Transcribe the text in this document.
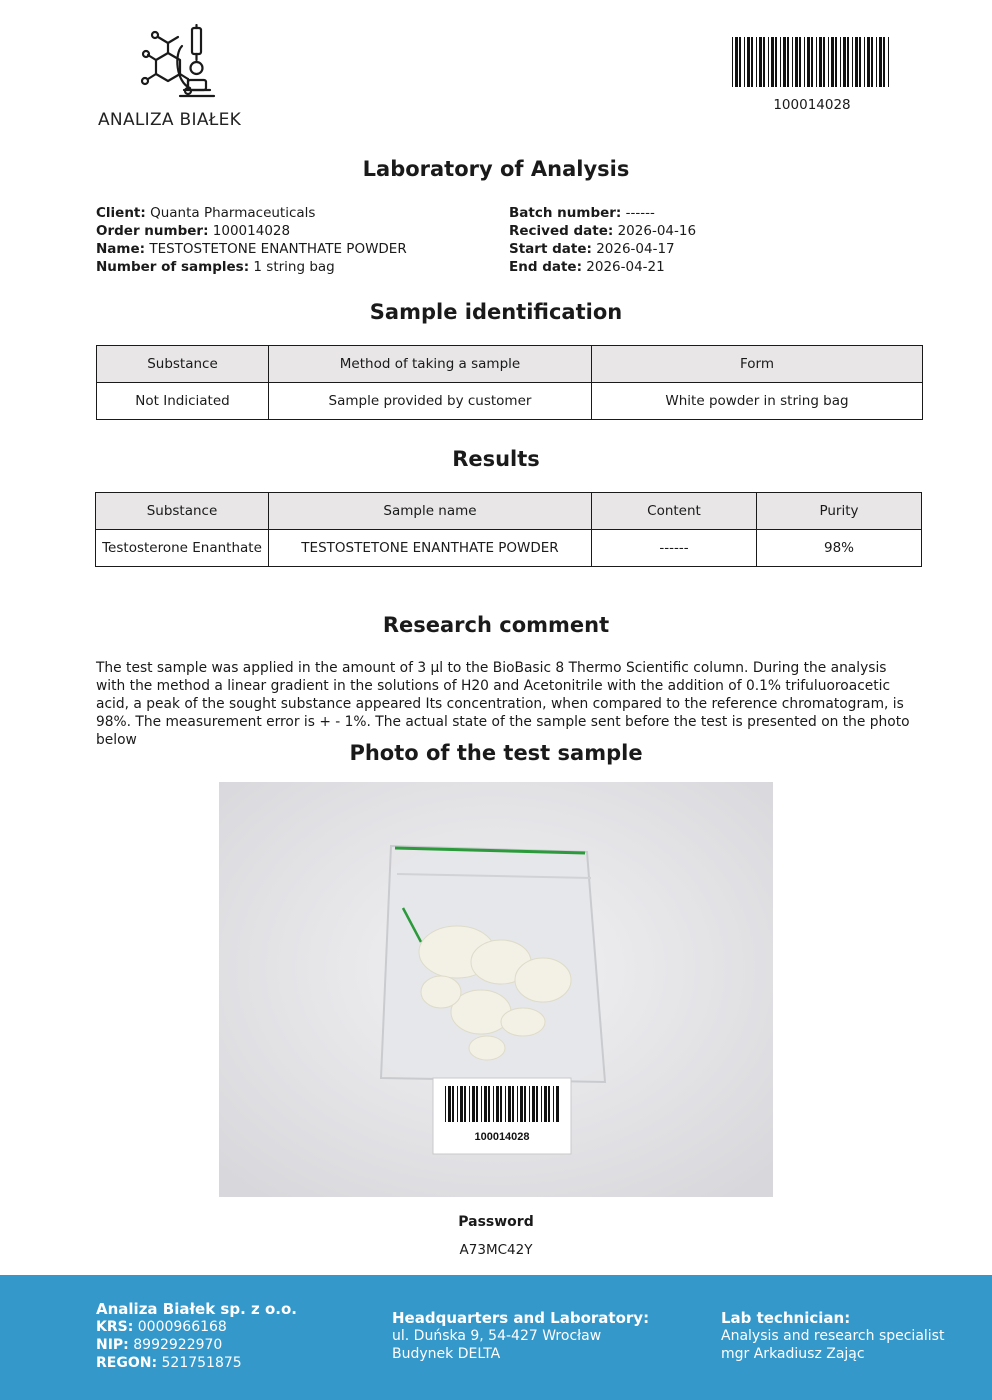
ANALIZA BIAŁEK
100014028
Laboratory of Analysis
Client: Quanta Pharmaceuticals
Order number: 100014028
Name: TESTOSTETONE ENANTHATE POWDER
Number of samples: 1 string bag
Batch number: ------
Recived date: 2026-04-16
Start date: 2026-04-17
End date: 2026-04-21
Sample identification
Substance	Method of taking a sample	Form
Not Indiciated	Sample provided by customer	White powder in string bag
Results
Substance	Sample name	Content	Purity
Testosterone Enanthate	TESTOSTETONE ENANTHATE POWDER	------	98%
Research comment
The test sample was applied in the amount of 3 µl to the BioBasic 8 Thermo Scientific column. During the analysis with the method a linear gradient in the solutions of H20 and Acetonitrile with the addition of 0.1% trifuluoroacetic acid, a peak of the sought substance appeared Its concentration, when compared to the reference chromatogram, is 98%. The measurement error is + - 1%. The actual state of the sample sent before the test is presented on the photo below
Photo of the test sample
100014028
Password
A73MC42Y
Analiza Białek sp. z o.o.
KRS: 0000966168
NIP: 8992922970
REGON: 521751875
Headquarters and Laboratory:
ul. Duńska 9, 54-427 Wrocław
Budynek DELTA
Lab technician:
Analysis and research specialist
mgr Arkadiusz Zając
